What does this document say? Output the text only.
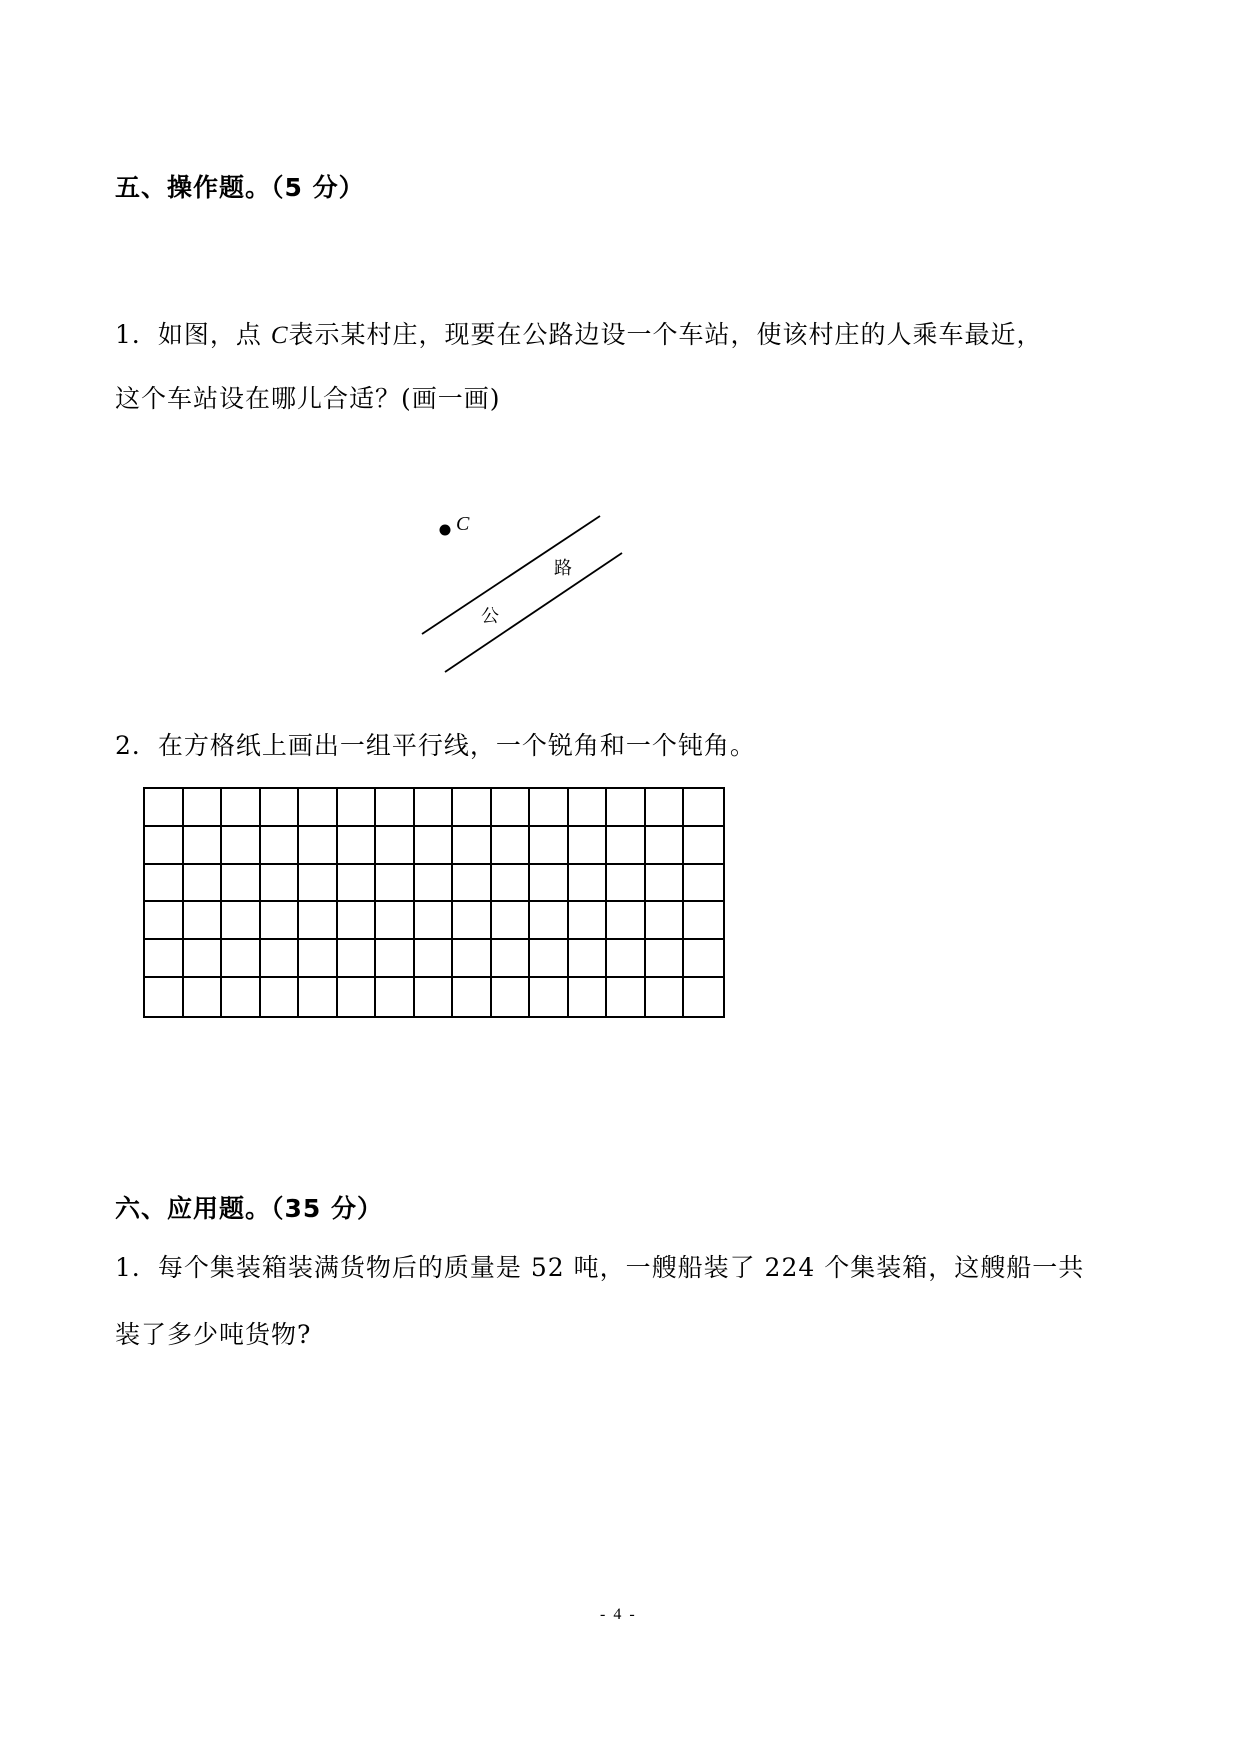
五、操作题。（5 分）
1．如图，点 C表示某村庄，现要在公路边设一个车站，使该村庄的人乘车最近，
这个车站设在哪儿合适？(画一画)
C
路
公
2．在方格纸上画出一组平行线，一个锐角和一个钝角。
六、应用题。（35 分）
1．每个集装箱装满货物后的质量是 52 吨，一艘船装了 224 个集装箱，这艘船一共
装了多少吨货物?
- 4 -
